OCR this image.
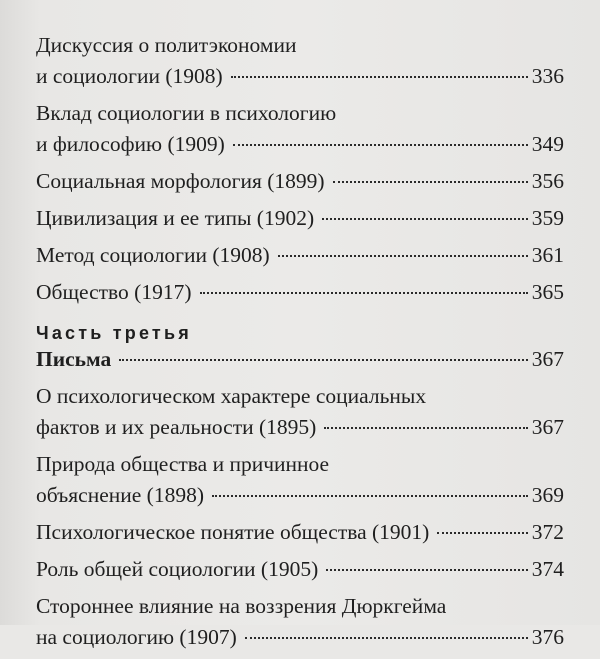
Дискуссия о политэкономии
и социологии (1908)	336
Вклад социологии в психологию
и философию (1909)	349
Социальная морфология (1899)	356
Цивилизация и ее типы (1902)	359
Метод социологии (1908)	361
Общество (1917)	365
Часть третья
Письма	367
О психологическом характере социальных
фактов и их реальности (1895)	367
Природа общества и причинное
объяснение (1898)	369
Психологическое понятие общества (1901)	372
Роль общей социологии (1905)	374
Стороннее влияние на воззрения Дюркгейма
на социологию (1907)	376
